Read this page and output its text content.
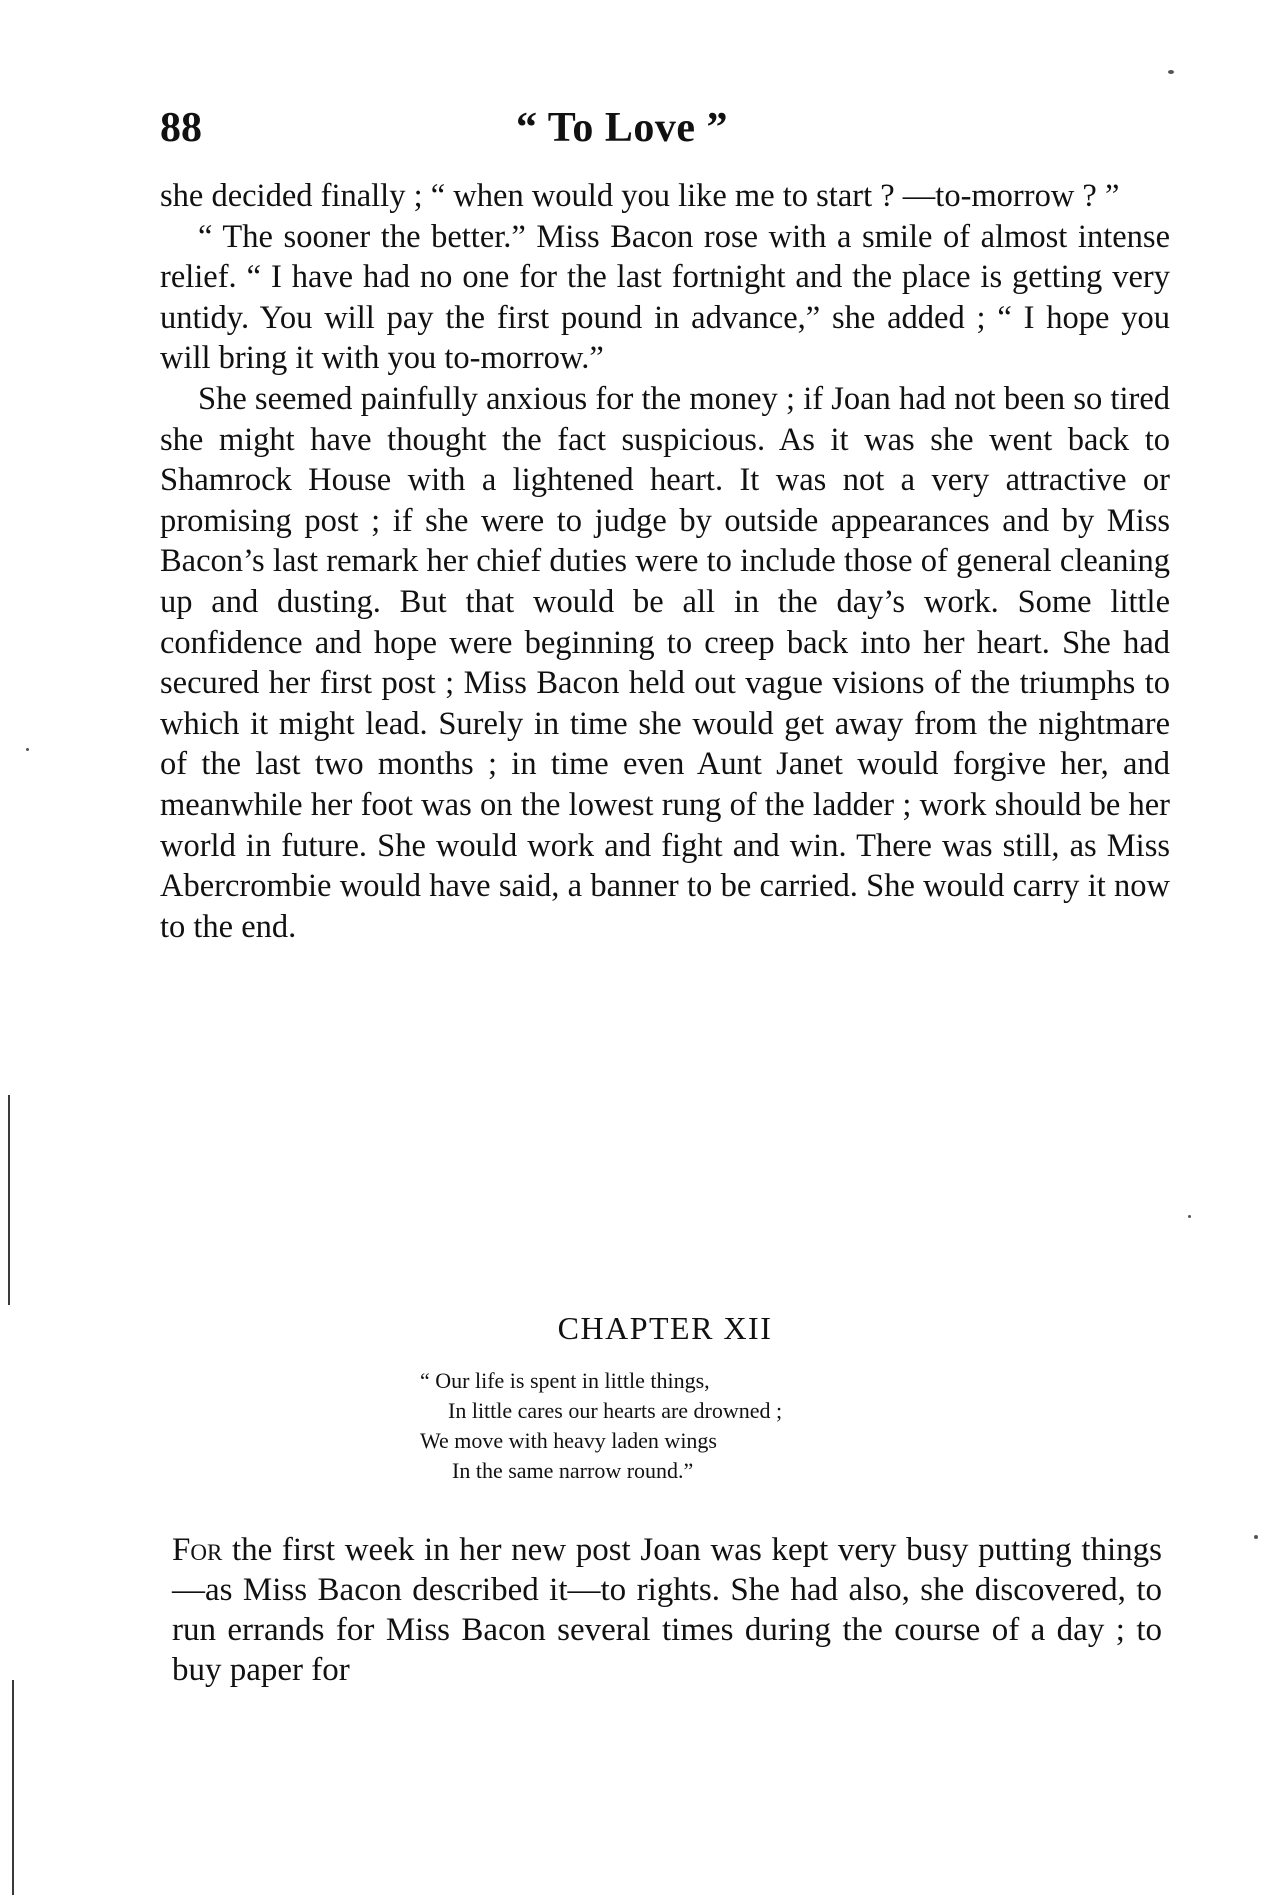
88	“ To Love ”

she decided finally ; “ when would you like me to start ? —to-morrow ? ”

“ The sooner the better.” Miss Bacon rose with a smile of almost intense relief. “ I have had no one for the last fortnight and the place is getting very untidy. You will pay the first pound in advance,” she added ; “ I hope you will bring it with you to-morrow.”

She seemed painfully anxious for the money ; if Joan had not been so tired she might have thought the fact suspicious. As it was she went back to Shamrock House with a lightened heart. It was not a very attractive or promising post ; if she were to judge by outside appearances and by Miss Bacon’s last remark her chief duties were to include those of general cleaning up and dusting. But that would be all in the day’s work. Some little confidence and hope were beginning to creep back into her heart. She had secured her first post ; Miss Bacon held out vague visions of the triumphs to which it might lead. Surely in time she would get away from the nightmare of the last two months ; in time even Aunt Janet would forgive her, and meanwhile her foot was on the lowest rung of the ladder ; work should be her world in future. She would work and fight and win. There was still, as Miss Abercrombie would have said, a banner to be carried. She would carry it now to the end.

CHAPTER XII
“ Our life is spent in little things,
In little cares our hearts are drowned ;
We move with heavy laden wings
In the same narrow round.”

For the first week in her new post Joan was kept very busy putting things—as Miss Bacon described it—to rights. She had also, she discovered, to run errands for Miss Bacon several times during the course of a day ; to buy paper for
